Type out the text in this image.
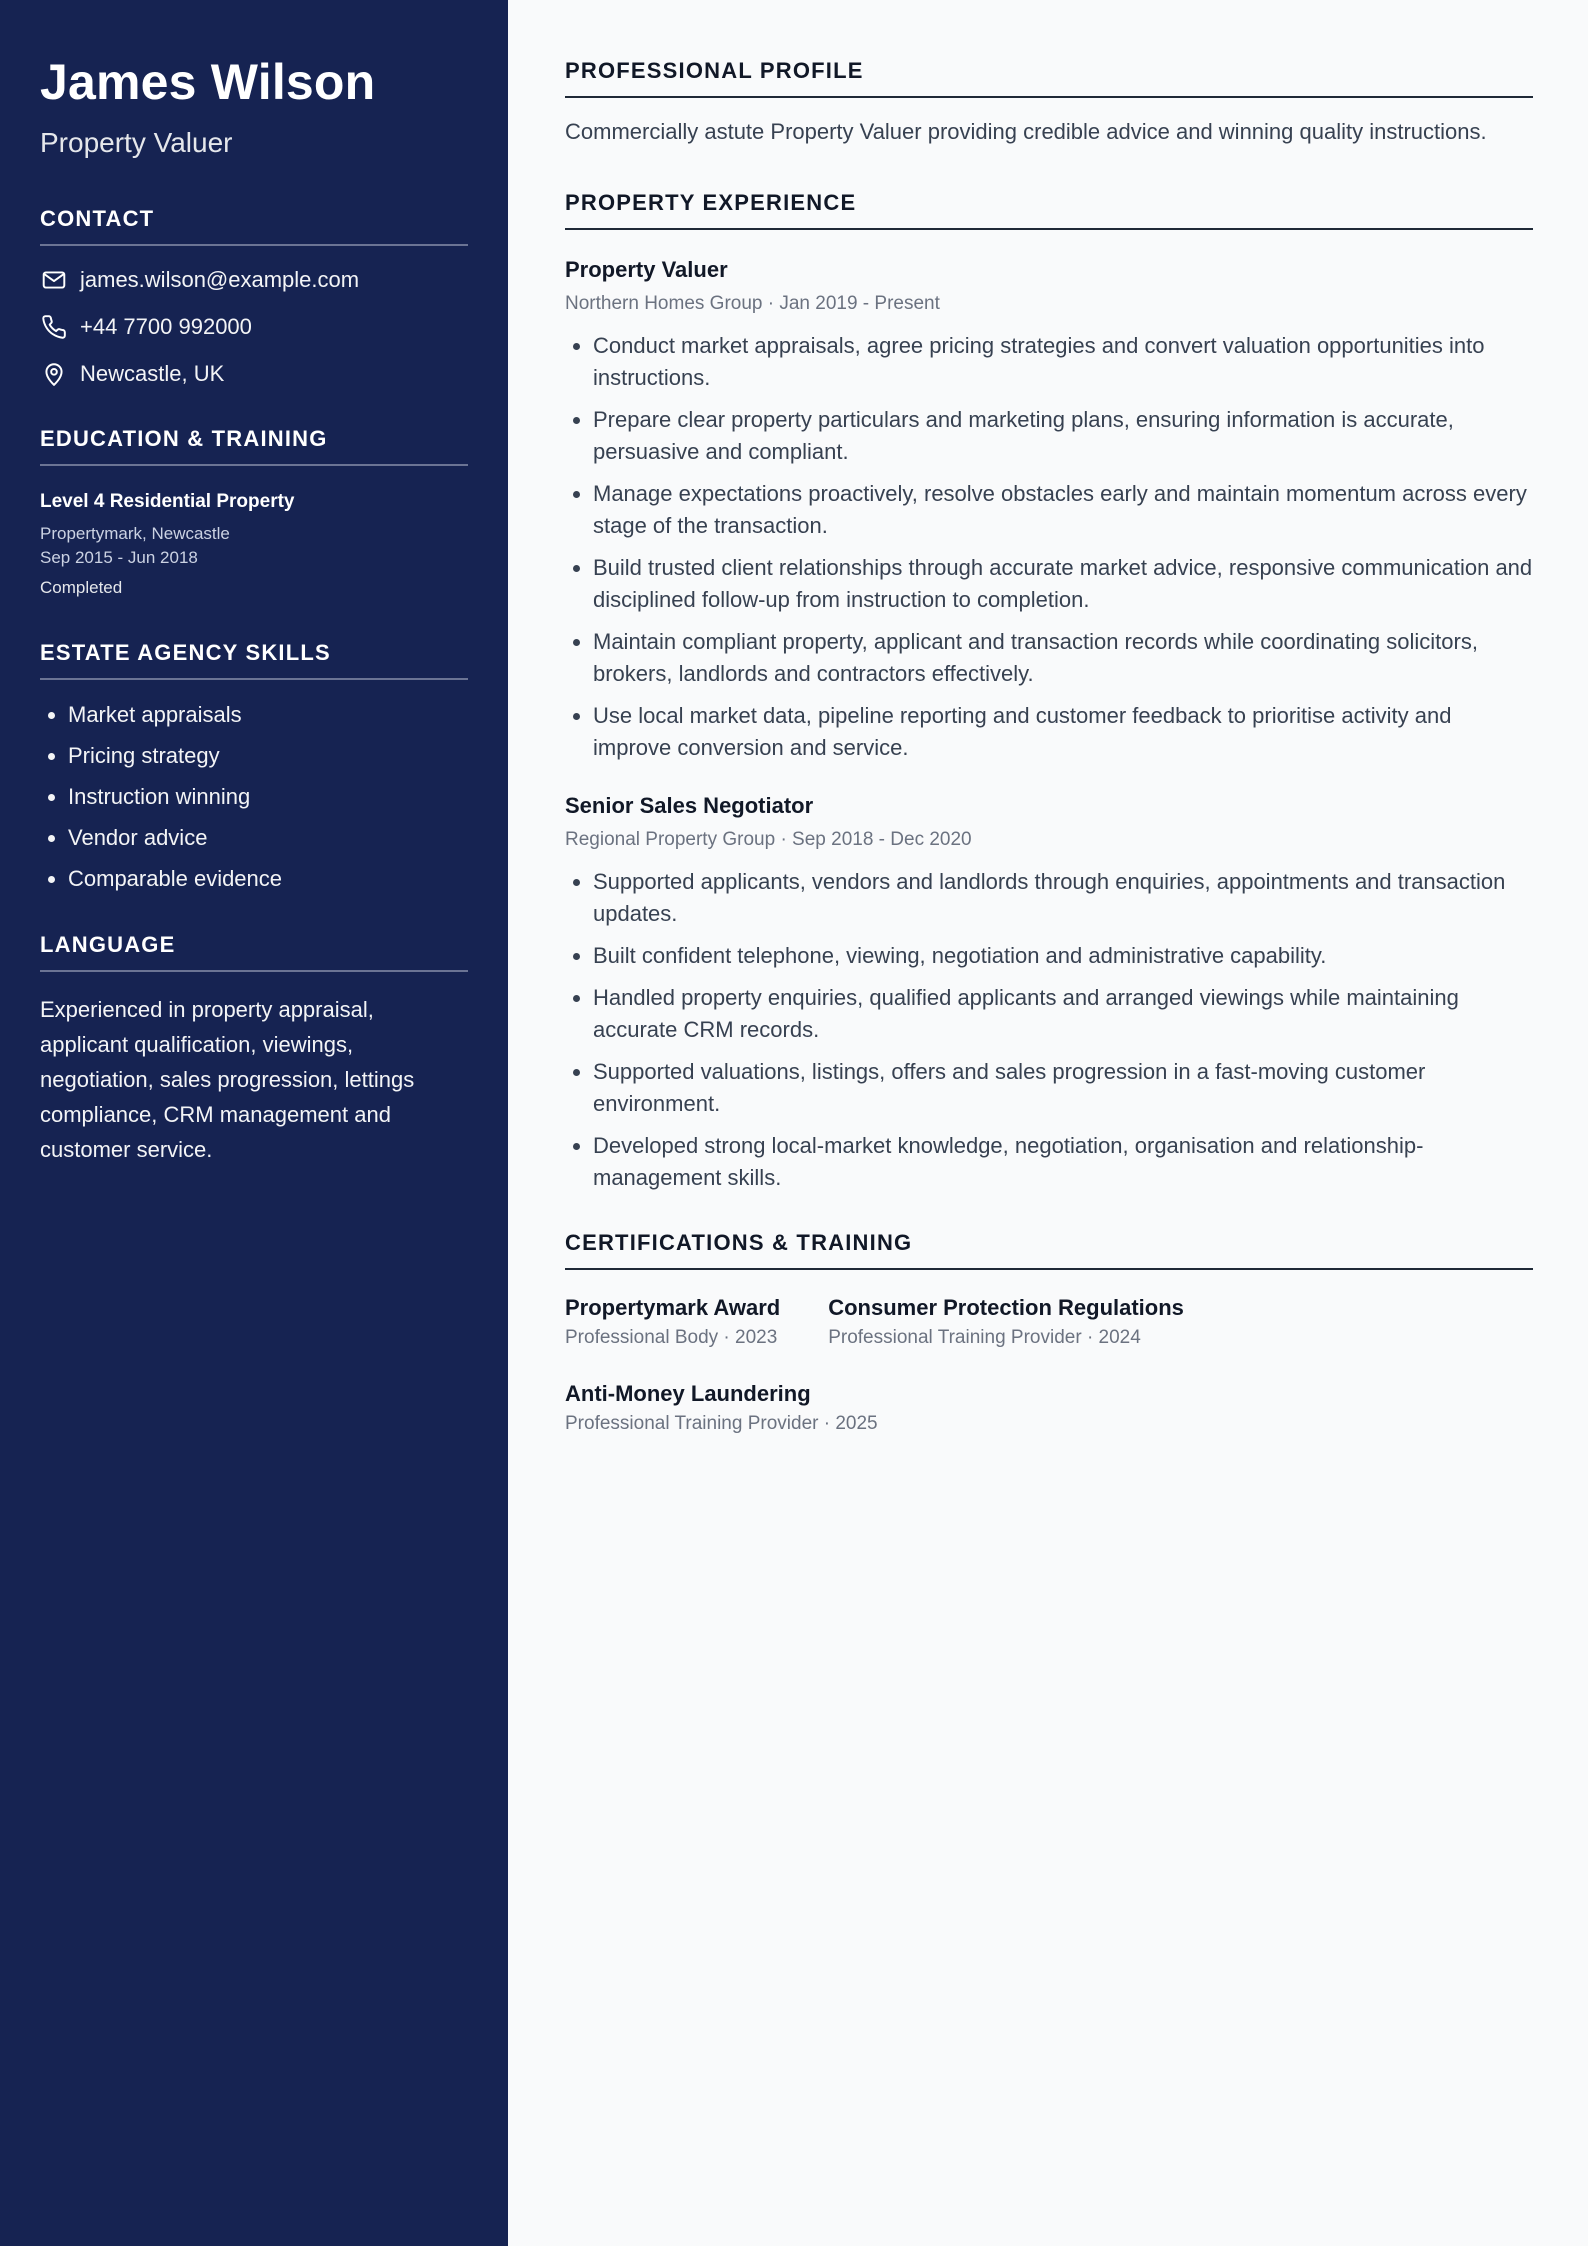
James Wilson

Property Valuer

CONTACT
james.wilson@example.com
+44 7700 992000
Newcastle, UK
EDUCATION & TRAINING

Level 4 Residential Property

Propertymark, Newcastle

Sep 2015 - Jun 2018

Completed

ESTATE AGENCY SKILLS
• Market appraisals
• Pricing strategy
• Instruction winning
• Vendor advice
• Comparable evidence
LANGUAGE

Experienced in property appraisal, applicant qualification, viewings, negotiation, sales progression, lettings compliance, CRM management and customer service.

PROFESSIONAL PROFILE

Commercially astute Property Valuer providing credible advice and winning quality instructions.

PROPERTY EXPERIENCE

Property Valuer

Northern Homes Group · Jan 2019 - Present

• Conduct market appraisals, agree pricing strategies and convert valuation opportunities into instructions.
• Prepare clear property particulars and marketing plans, ensuring information is accurate, persuasive and compliant.
• Manage expectations proactively, resolve obstacles early and maintain momentum across every stage of the transaction.
• Build trusted client relationships through accurate market advice, responsive communication and disciplined follow-up from instruction to completion.
• Maintain compliant property, applicant and transaction records while coordinating solicitors, brokers, landlords and contractors effectively.
• Use local market data, pipeline reporting and customer feedback to prioritise activity and improve conversion and service.

Senior Sales Negotiator

Regional Property Group · Sep 2018 - Dec 2020

• Supported applicants, vendors and landlords through enquiries, appointments and transaction updates.
• Built confident telephone, viewing, negotiation and administrative capability.
• Handled property enquiries, qualified applicants and arranged viewings while maintaining accurate CRM records.
• Supported valuations, listings, offers and sales progression in a fast-moving customer environment.
• Developed strong local-market knowledge, negotiation, organisation and relationship-management skills.
CERTIFICATIONS & TRAINING

Propertymark Award

Professional Body · 2023

Consumer Protection Regulations

Professional Training Provider · 2024

Anti-Money Laundering

Professional Training Provider · 2025
